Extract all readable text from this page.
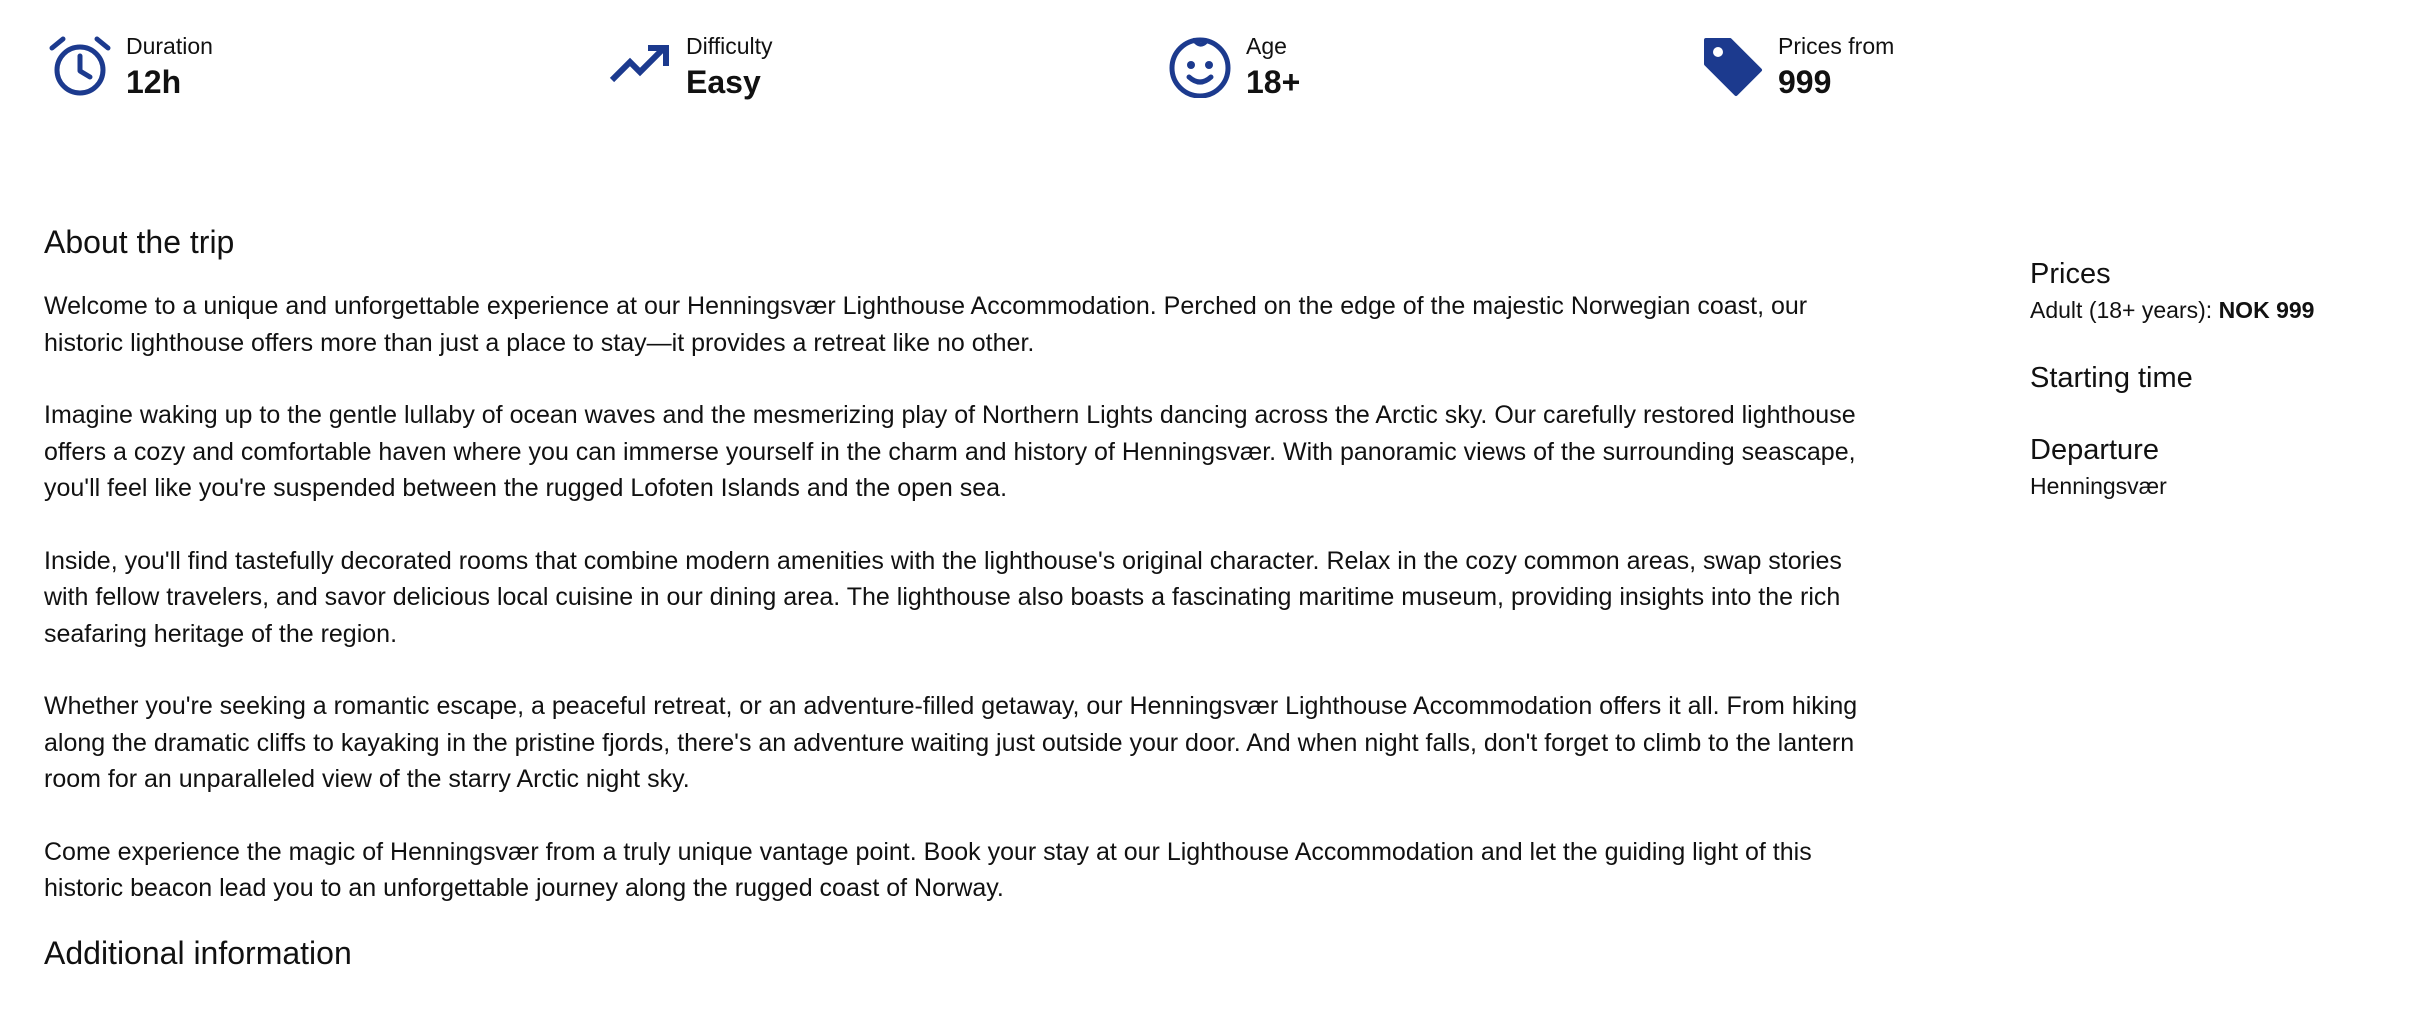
Duration
12h
Difficulty
Easy
Age
18+
Prices from
999
About the trip

Welcome to a unique and unforgettable experience at our Henningsvær Lighthouse Accommodation. Perched on the edge of the majestic Norwegian coast, our historic lighthouse offers more than just a place to stay—it provides a retreat like no other.

Imagine waking up to the gentle lullaby of ocean waves and the mesmerizing play of Northern Lights dancing across the Arctic sky. Our carefully restored lighthouse offers a cozy and comfortable haven where you can immerse yourself in the charm and history of Henningsvær. With panoramic views of the surrounding seascape, you'll feel like you're suspended between the rugged Lofoten Islands and the open sea.

Inside, you'll find tastefully decorated rooms that combine modern amenities with the lighthouse's original character. Relax in the cozy common areas, swap stories with fellow travelers, and savor delicious local cuisine in our dining area. The lighthouse also boasts a fascinating maritime museum, providing insights into the rich seafaring heritage of the region.

Whether you're seeking a romantic escape, a peaceful retreat, or an adventure-filled getaway, our Henningsvær Lighthouse Accommodation offers it all. From hiking along the dramatic cliffs to kayaking in the pristine fjords, there's an adventure waiting just outside your door. And when night falls, don't forget to climb to the lantern room for an unparalleled view of the starry Arctic night sky.

Come experience the magic of Henningsvær from a truly unique vantage point. Book your stay at our Lighthouse Accommodation and let the guiding light of this historic beacon lead you to an unforgettable journey along the rugged coast of Norway.

Additional information
Prices
Adult (18+ years): NOK 999
Starting time
Departure
Henningsvær
